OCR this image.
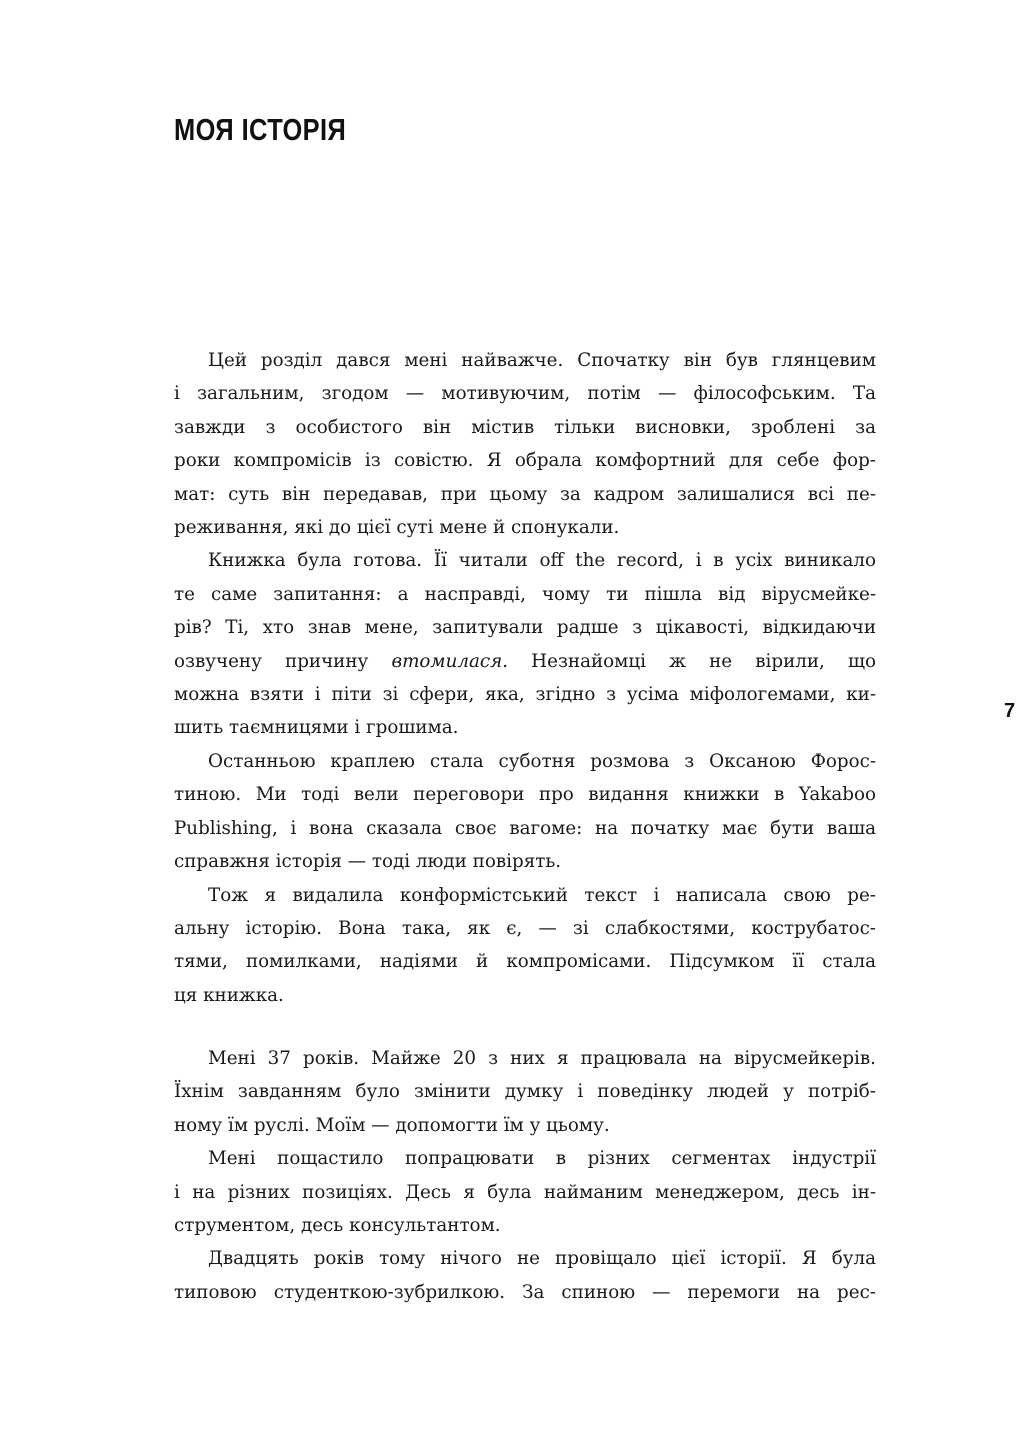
МОЯ ІСТОРІЯ
7

Цей розділ дався мені найважче. Спочатку він був глянцевим
і загальним, згодом — мотивуючим, потім — філософським. Та
завжди з особистого він містив тільки висновки, зроблені за
роки компромісів із совістю. Я обрала комфортний для себе фор-
мат: суть він передавав, при цьому за кадром залишалися всі пе-
реживання, які до цієї суті мене й спонукали.

Книжка була готова. Її читали off the record, і в усіх виникало
те саме запитання: а насправді, чому ти пішла від вірусмейке-
рів? Ті, хто знав мене, запитували радше з цікавості, відкидаючи
озвучену причину втомилася. Незнайомці ж не вірили, що
можна взяти і піти зі сфери, яка, згідно з усіма міфологемами, ки-
шить таємницями і грошима.

Останньою краплею стала суботня розмова з Оксаною Форос-
тиною. Ми тоді вели переговори про видання книжки в Yakaboo
Publishing, і вона сказала своє вагоме: на початку має бути ваша
справжня історія — тоді люди повірять.

Тож я видалила конформістський текст і написала свою ре-
альну історію. Вона така, як є, — зі слабкостями, кострубатос-
тями, помилками, надіями й компромісами. Підсумком її стала
ця книжка.

Мені 37 років. Майже 20 з них я працювала на вірусмейкерів.
Їхнім завданням було змінити думку і поведінку людей у потріб-
ному їм руслі. Моїм — допомогти їм у цьому.

Мені пощастило попрацювати в різних сегментах індустрії
і на різних позиціях. Десь я була найманим менеджером, десь ін-
струментом, десь консультантом.

Двадцять років тому нічого не провіщало цієї історії. Я була
типовою студенткою-зубрилкою. За спиною — перемоги на рес-
